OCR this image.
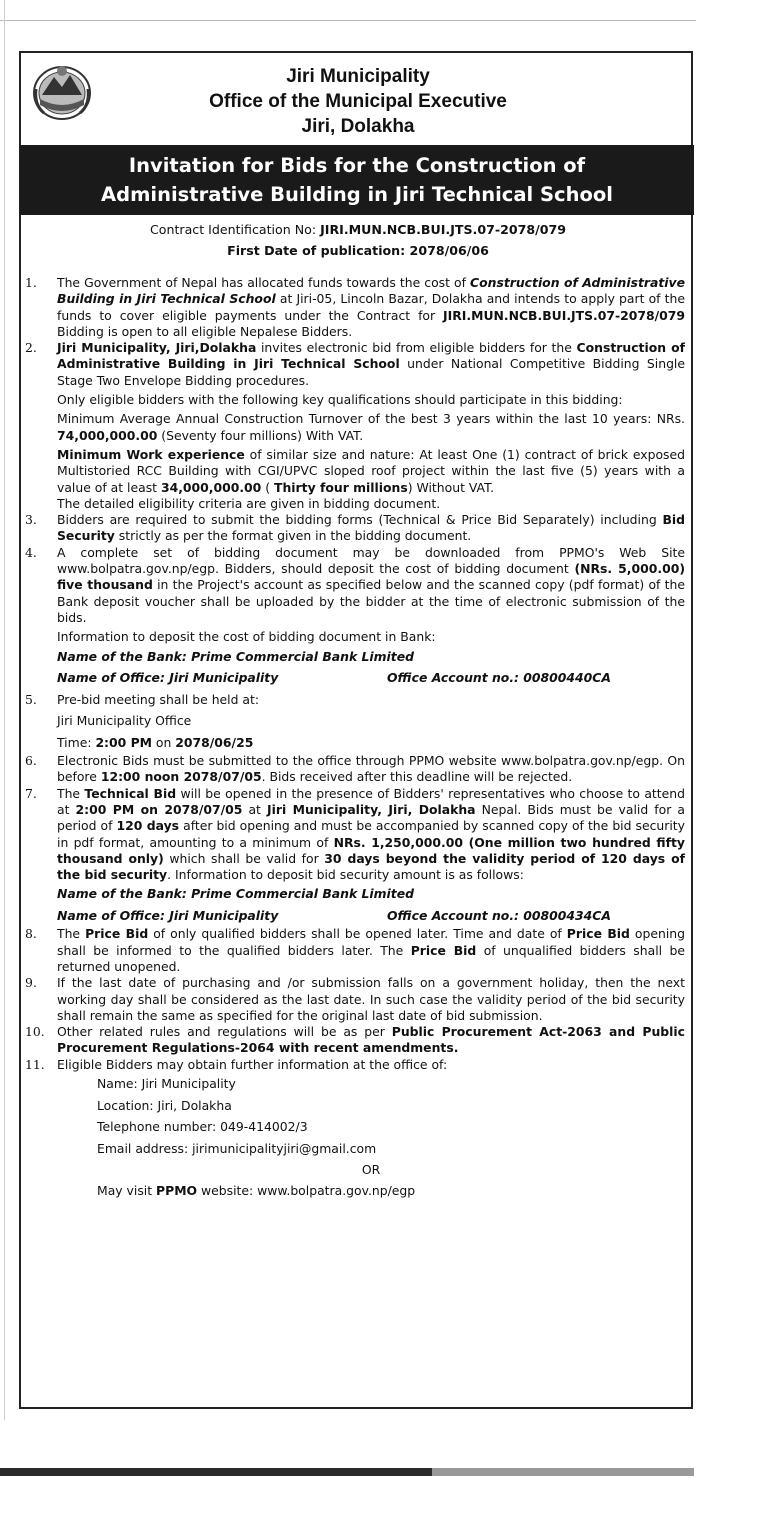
Jiri Municipality
Office of the Municipal Executive
Jiri, Dolakha
Invitation for Bids for the Construction of
Administrative Building in Jiri Technical School
Contract Identification No: JIRI.MUN.NCB.BUI.JTS.07-2078/079
First Date of publication: 2078/06/06
1. The Government of Nepal has allocated funds towards the cost of Construction of Administrative Building in Jiri Technical School at Jiri-05, Lincoln Bazar, Dolakha and intends to apply part of the funds to cover eligible payments under the Contract for JIRI.MUN.NCB.BUI.JTS.07-2078/079 Bidding is open to all eligible Nepalese Bidders.
2. Jiri Municipality, Jiri,Dolakha invites electronic bid from eligible bidders for the Construction of Administrative Building in Jiri Technical School under National Competitive Bidding Single Stage Two Envelope Bidding procedures.
Only eligible bidders with the following key qualifications should participate in this bidding:
Minimum Average Annual Construction Turnover of the best 3 years within the last 10 years: NRs. 74,000,000.00 (Seventy four millions) With VAT.
Minimum Work experience of similar size and nature: At least One (1) contract of brick exposed Multistoried RCC Building with CGI/UPVC sloped roof project within the last five (5) years with a value of at least 34,000,000.00 ( Thirty four millions) Without VAT.
The detailed eligibility criteria are given in bidding document.
3. Bidders are required to submit the bidding forms (Technical & Price Bid Separately) including Bid Security strictly as per the format given in the bidding document.
4. A complete set of bidding document may be downloaded from PPMO's Web Site www.bolpatra.gov.np/egp. Bidders, should deposit the cost of bidding document (NRs. 5,000.00) five thousand in the Project's account as specified below and the scanned copy (pdf format) of the Bank deposit voucher shall be uploaded by the bidder at the time of electronic submission of the bids.
Information to deposit the cost of bidding document in Bank:
Name of the Bank: Prime Commercial Bank Limited
Name of Office: Jiri Municipality	Office Account no.: 00800440CA
5. Pre-bid meeting shall be held at:
Jiri Municipality Office
Time: 2:00 PM on 2078/06/25
6. Electronic Bids must be submitted to the office through PPMO website www.bolpatra.gov.np/egp. On before 12:00 noon 2078/07/05. Bids received after this deadline will be rejected.
7. The Technical Bid will be opened in the presence of Bidders' representatives who choose to attend at 2:00 PM on 2078/07/05 at Jiri Municipality, Jiri, Dolakha Nepal. Bids must be valid for a period of 120 days after bid opening and must be accompanied by scanned copy of the bid security in pdf format, amounting to a minimum of NRs. 1,250,000.00 (One million two hundred fifty thousand only) which shall be valid for 30 days beyond the validity period of 120 days of the bid security. Information to deposit bid security amount is as follows:
Name of the Bank: Prime Commercial Bank Limited
Name of Office: Jiri Municipality	Office Account no.: 00800434CA
8. The Price Bid of only qualified bidders shall be opened later. Time and date of Price Bid opening shall be informed to the qualified bidders later. The Price Bid of unqualified bidders shall be returned unopened.
9. If the last date of purchasing and /or submission falls on a government holiday, then the next working day shall be considered as the last date. In such case the validity period of the bid security shall remain the same as specified for the original last date of bid submission.
10. Other related rules and regulations will be as per Public Procurement Act-2063 and Public Procurement Regulations-2064 with recent amendments.
11. Eligible Bidders may obtain further information at the office of:
Name: Jiri Municipality
Location: Jiri, Dolakha
Telephone number: 049-414002/3
Email address: jirimunicipalityjiri@gmail.com
OR
May visit PPMO website: www.bolpatra.gov.np/egp
